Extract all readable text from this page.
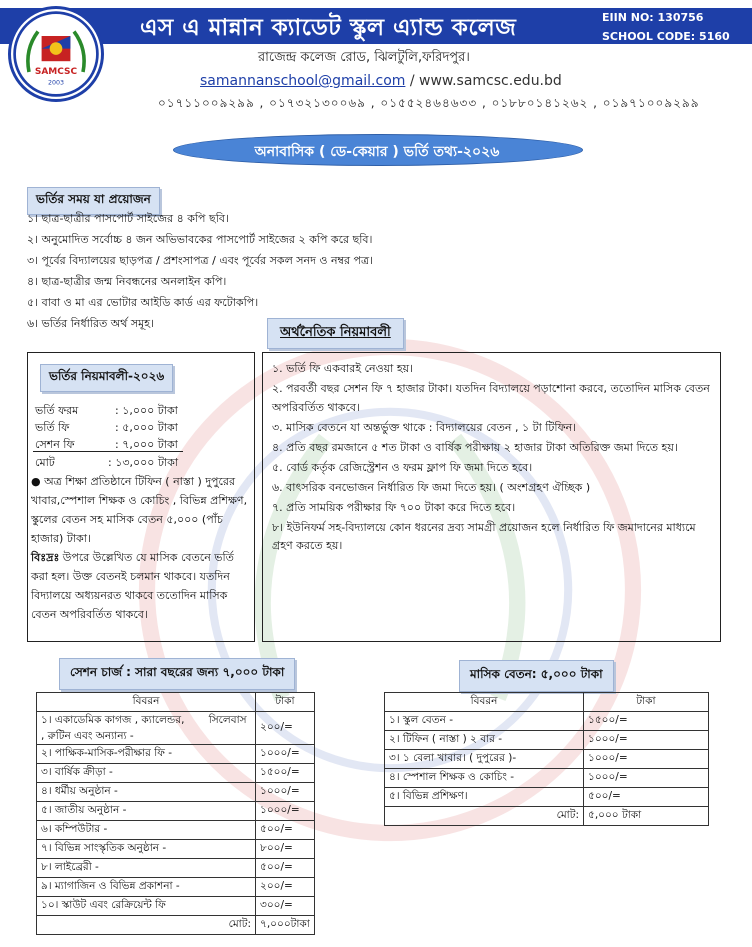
SAMCSC
2003
এস এ মান্নান ক্যাডেট স্কুল এ্যান্ড কলেজ	EIIN NO: 130756
SCHOOL CODE: 5160
রাজেন্দ্র কলেজ রোড, ঝিলটুলি,ফরিদপুর।
samannanschool@gmail.com / www.samcsc.edu.bd
০১৭১১০০৯২৯৯ , ০১৭৩২১৩০০৬৯ , ০১৫৫২৪৬৪৬৩৩ , ০১৮৮০১৪১২৬২ , ০১৯৭১০০৯২৯৯
অনাবাসিক ( ডে-কেয়ার ) ভর্তি তথ্য-২০২৬
ভর্তির সময় যা প্রয়োজন
১। ছাত্র-ছাত্রীর পাসপোর্ট সাইজের ৪ কপি ছবি।
২। অনুমোদিত সর্বোচ্চ ৪ জন অভিভাবকের পাসপোর্ট সাইজের ২ কপি করে ছবি।
৩। পূর্বের বিদ্যালয়ের ছাড়পত্র / প্রশংসাপত্র / এবং পূর্বের সকল সনদ ও নম্বর পত্র।
৪। ছাত্র-ছাত্রীর জন্ম নিবন্ধনের অনলাইন কপি।
৫। বাবা ও মা এর ভোটার আইডি কার্ড এর ফটোকপি।
৬। ভর্তির নির্ধারিত অর্থ সমূহ।
অর্থনৈতিক নিয়মাবলী
ভর্তির নিয়মাবলী-২০২৬
ভর্তি ফরম	: ১,০০০ টাকা
ভর্তি ফি	: ৫,০০০ টাকা
সেশন ফি	: ৭,০০০ টাকা
মোট	: ১৩,০০০ টাকা
● অত্র শিক্ষা প্রতিষ্ঠানে টিফিন ( নাস্তা ) দুপুরের খাবার,স্পেশাল শিক্ষক ও কোচিং , বিভিন্ন প্রশিক্ষণ, স্কুলের বেতন সহ মাসিক বেতন ৫,০০০ (পাঁচ হাজার) টাকা।
বিঃদ্রঃ উপরে উল্লেখিত যে মাসিক বেতনে ভর্তি করা হল। উক্ত বেতনই চলমান থাকবে। যতদিন বিদ্যালয়ে অধ্যয়নরত থাকবে ততোদিন মাসিক বেতন অপরিবর্তিত থাকবে।
১. ভর্তি ফি একবারই নেওয়া হয়।
২. পরবর্তী বছর সেশন ফি ৭ হাজার টাকা। যতদিন বিদ্যালয়ে পড়াশোনা করবে, ততোদিন মাসিক বেতন অপরিবর্তিত থাকবে।
৩. মাসিক বেতনে যা অন্তর্ভুক্ত থাকে : বিদ্যালয়ের বেতন , ১ টা টিফিন।
৪. প্রতি বছর রমজানে ৫ শত টাকা ও বার্ষিক পরীক্ষায় ২ হাজার টাকা অতিরিক্ত জমা দিতে হয়।
৫. বোর্ড কর্তৃক রেজিস্ট্রেশন ও ফরম ফ্লাপ ফি জমা দিতে হবে।
৬. বাৎসরিক বনভোজন নির্ধারিত ফি জমা দিতে হয়। ( অংশগ্রহণ ঐচ্ছিক )
৭. প্রতি সাময়িক পরীক্ষার ফি ৭০০ টাকা করে দিতে হবে।
৮। ইউনিফর্ম সহ-বিদ্যালয়ে কোন ধরনের দ্রব্য সামগ্রী প্রয়োজন হলে নির্ধারিত ফি জমাদানের মাধ্যমে গ্রহণ করতে হয়।
সেশন চার্জ : সারা বছরের জন্য ৭,০০০ টাকা
বিবরন	টাকা
১। একাডেমিক কাগজ , ক্যালেন্ডর,   সিলেবাস , রুটিন এবং অন্যান্য -	২০০/=
২। পাক্ষিক-মাসিক-পরীক্ষার ফি -	১০০০/=
৩। বার্ষিক ক্রীড়া -	১৫০০/=
৪। ধর্মীয় অনুষ্ঠান -	১০০০/=
৫। জাতীয় অনুষ্ঠান -	১০০০/=
৬। কম্পিউটার -	৫০০/=
৭। বিভিন্ন সাংস্কৃতিক অনুষ্ঠান -	৮০০/=
৮। লাইব্রেরী -	৫০০/=
৯। ম্যাগাজিন ও বিভিন্ন প্রকাশনা -	২০০/=
১০। স্কাউট এবং রেক্রিয়েন্ট ফি	৩০০/=
মোট:	৭,০০০টাকা
মাসিক বেতন: ৫,০০০ টাকা
বিবরন	টাকা
১। স্কুল বেতন -	১৫০০/=
২। টিফিন ( নাস্তা ) ২ বার -	১০০০/=
৩। ১ বেলা খাবার। ( দুপুরের )-	১০০০/=
৪। স্পেশাল শিক্ষক ও কোচিং -	১০০০/=
৫। বিভিন্ন প্রশিক্ষণ।	৫০০/=
মোট:	৫,০০০ টাকা
